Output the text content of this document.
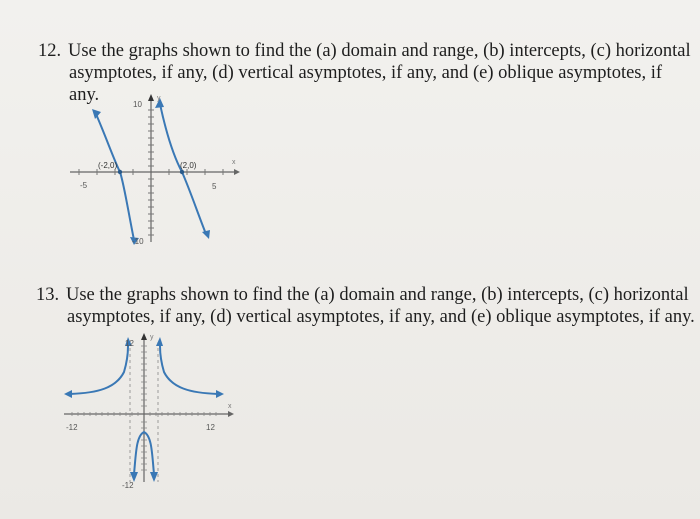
12. Use the graphs shown to find the (a) domain and range, (b) intercepts, (c) horizontal
asymptotes, if any, (d) vertical asymptotes, if any, and (e) oblique asymptotes, if any.	10
y
-10
-5	5
x
(-2,0)	(2,0)
13. Use the graphs shown to find the (a) domain and range, (b) intercepts, (c) horizontal
asymptotes, if any, (d) vertical asymptotes, if any, and (e) oblique asymptotes, if any.
12
y
-12
-12	12
x
